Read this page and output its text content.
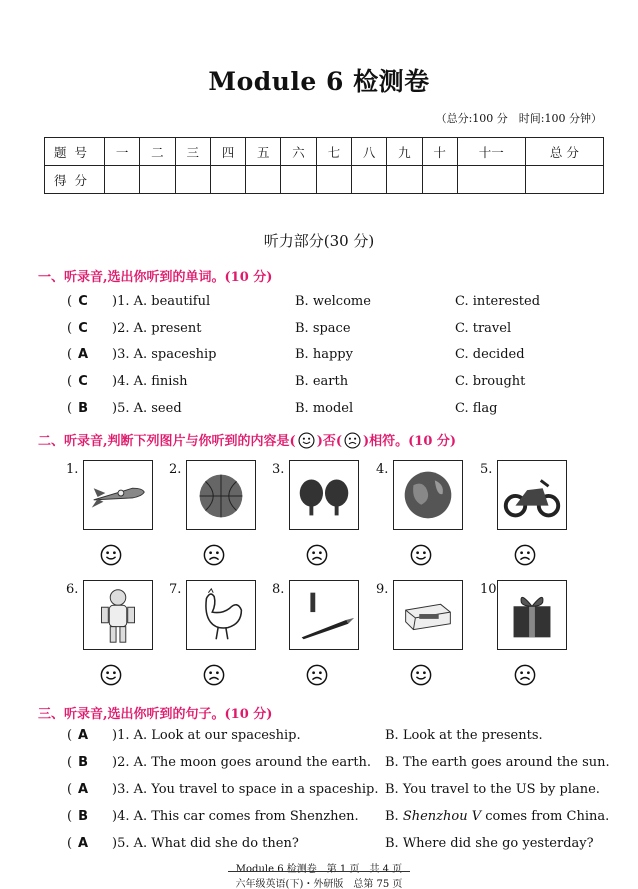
Module 6 检测卷
（总分:100 分　时间:100 分钟）
题号	一	二	三	四	五	六	七	八	九	十	十一	总 分
得分												
听力部分(30 分)
一、听录音,选出你听到的单词。(10 分)
( C )1. A. beautiful	B. welcome	C. interested
( C )2. A. present	B. space	C. travel
( A )3. A. spaceship	B. happy	C. decided
( C )4. A. finish	B. earth	C. brought
( B )5. A. seed	B. model	C. flag
二、听录音,判断下列图片与你听到的内容是( )否( )相符。(10 分)
1.	2.	3.	4.	5.
6.	7.	8.	9.	10.
三、听录音,选出你听到的句子。(10 分)
( A )1. A. Look at our spaceship.	B. Look at the presents.
( B )2. A. The moon goes around the earth. B. The earth goes around the sun.
( A )3. A. You travel to space in a spaceship. B. You travel to the US by plane.
( B )4. A. This car comes from Shenzhen. B. Shenzhou V comes from China.
( A )5. A. What did she do then?	B. Where did she go yesterday?
Module 6 检测卷　第 1 页　共 4 页
六年级英语(下)・外研版　总第 75 页
